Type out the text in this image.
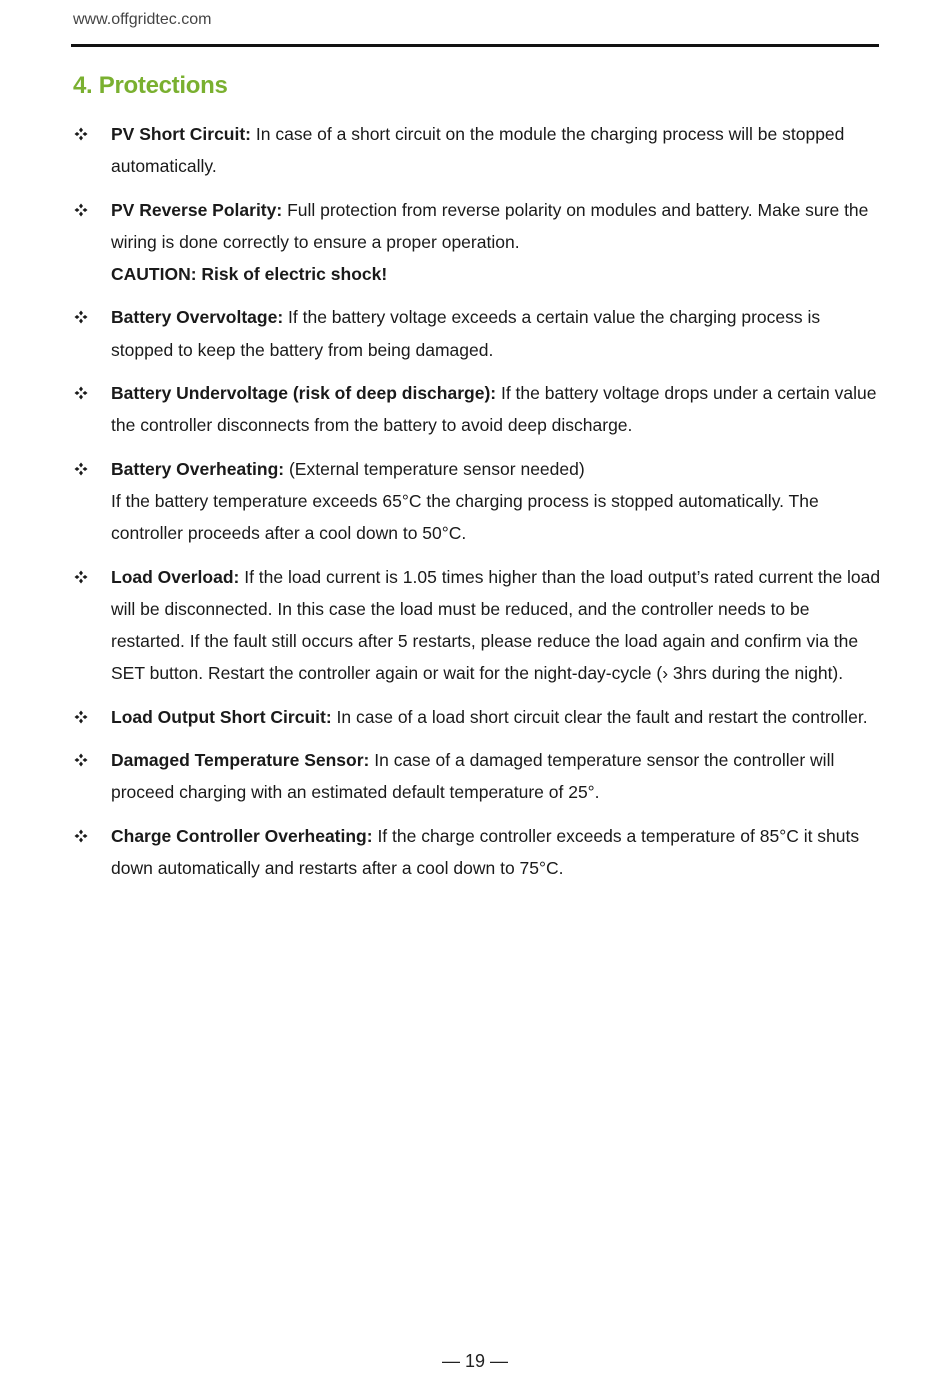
www.offgridtec.com
4. Protections
PV Short Circuit: In case of a short circuit on the module the charging process will be stopped automatically.
PV Reverse Polarity: Full protection from reverse polarity on modules and battery. Make sure the wiring is done correctly to ensure a proper operation.
CAUTION: Risk of electric shock!
Battery Overvoltage: If the battery voltage exceeds a certain value the charging process is stopped to keep the battery from being damaged.
Battery Undervoltage (risk of deep discharge): If the battery voltage drops under a certain value the controller disconnects from the battery to avoid deep discharge.
Battery Overheating: (External temperature sensor needed)
If the battery temperature exceeds 65°C the charging process is stopped automatically. The controller proceeds after a cool down to 50°C.
Load Overload: If the load current is 1.05 times higher than the load output’s rated current the load will be disconnected. In this case the load must be reduced, and the controller needs to be restarted. If the fault still occurs after 5 restarts, please reduce the load again and confirm via the SET button. Restart the controller again or wait for the night-day-cycle (› 3hrs during the night).
Load Output Short Circuit: In case of a load short circuit clear the fault and restart the controller.
Damaged Temperature Sensor: In case of a damaged temperature sensor the controller will proceed charging with an estimated default temperature of 25°.
Charge Controller Overheating: If the charge controller exceeds a temperature of 85°C it shuts down automatically and restarts after a cool down to 75°C.
— 19 —
